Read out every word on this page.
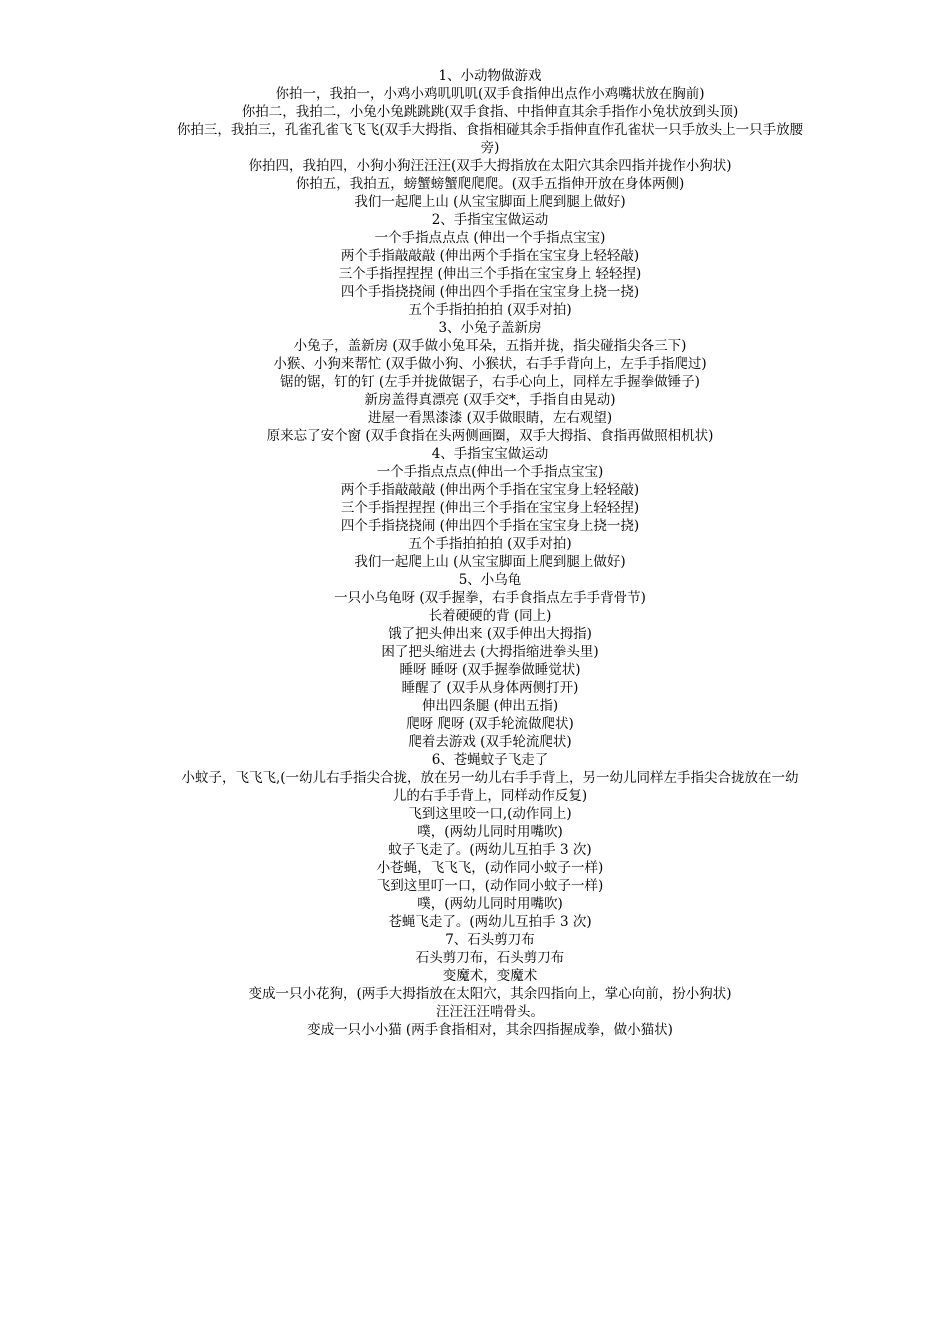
1、小动物做游戏

你拍一，我拍一，小鸡小鸡叽叽叽(双手食指伸出点作小鸡嘴状放在胸前)

你拍二，我拍二，小兔小兔跳跳跳(双手食指、中指伸直其余手指作小兔状放到头顶)

你拍三，我拍三，孔雀孔雀飞飞飞(双手大拇指、食指相碰其余手指伸直作孔雀状一只手放头上一只手放腰旁)

你拍四，我拍四，小狗小狗汪汪汪(双手大拇指放在太阳穴其余四指并拢作小狗状)

你拍五，我拍五，螃蟹螃蟹爬爬爬。(双手五指伸开放在身体两侧)

我们一起爬上山 (从宝宝脚面上爬到腿上做好)

2、手指宝宝做运动

一个手指点点点 (伸出一个手指点宝宝)

两个手指敲敲敲 (伸出两个手指在宝宝身上轻轻敲)

三个手指捏捏捏 (伸出三个手指在宝宝身上 轻轻捏)

四个手指挠挠闹 (伸出四个手指在宝宝身上挠一挠)

五个手指拍拍拍 (双手对拍)

3、小兔子盖新房

小兔子，盖新房 (双手做小兔耳朵，五指并拢，指尖碰指尖各三下)

小猴、小狗来帮忙 (双手做小狗、小猴状，右手手背向上，左手手指爬过)

锯的锯，钉的钉 (左手并拢做锯子，右手心向上，同样左手握拳做锤子)

新房盖得真漂亮 (双手交*，手指自由晃动)

进屋一看黑漆漆 (双手做眼睛，左右观望)

原来忘了安个窗 (双手食指在头两侧画圈，双手大拇指、食指再做照相机状)

4、手指宝宝做运动

一个手指点点点(伸出一个手指点宝宝)

两个手指敲敲敲 (伸出两个手指在宝宝身上轻轻敲)

三个手指捏捏捏 (伸出三个手指在宝宝身上轻轻捏)

四个手指挠挠闹 (伸出四个手指在宝宝身上挠一挠)

五个手指拍拍拍 (双手对拍)

我们一起爬上山 (从宝宝脚面上爬到腿上做好)

5、小乌龟

一只小乌龟呀 (双手握拳，右手食指点左手手背骨节)

长着硬硬的背 (同上)

饿了把头伸出来 (双手伸出大拇指)

困了把头缩进去 (大拇指缩进拳头里)

睡呀 睡呀 (双手握拳做睡觉状)

睡醒了 (双手从身体两侧打开)

伸出四条腿 (伸出五指)

爬呀 爬呀 (双手轮流做爬状)

爬着去游戏 (双手轮流爬状)

6、苍蝇蚊子飞走了

小蚊子，飞飞飞,(一幼儿右手指尖合拢，放在另一幼儿右手手背上，另一幼儿同样左手指尖合拢放在一幼儿的右手手背上，同样动作反复)

飞到这里咬一口,(动作同上)

噗，(两幼儿同时用嘴吹)

蚊子飞走了。(两幼儿互拍手 3 次)

小苍蝇，飞飞飞，(动作同小蚊子一样)

飞到这里叮一口，(动作同小蚊子一样)

噗，(两幼儿同时用嘴吹)

苍蝇飞走了。(两幼儿互拍手 3 次)

7、石头剪刀布

石头剪刀布，石头剪刀布

变魔术，变魔术

变成一只小花狗，(两手大拇指放在太阳穴，其余四指向上，掌心向前，扮小狗状)

汪汪汪汪啃骨头。

变成一只小小猫 (两手食指相对，其余四指握成拳，做小猫状)
